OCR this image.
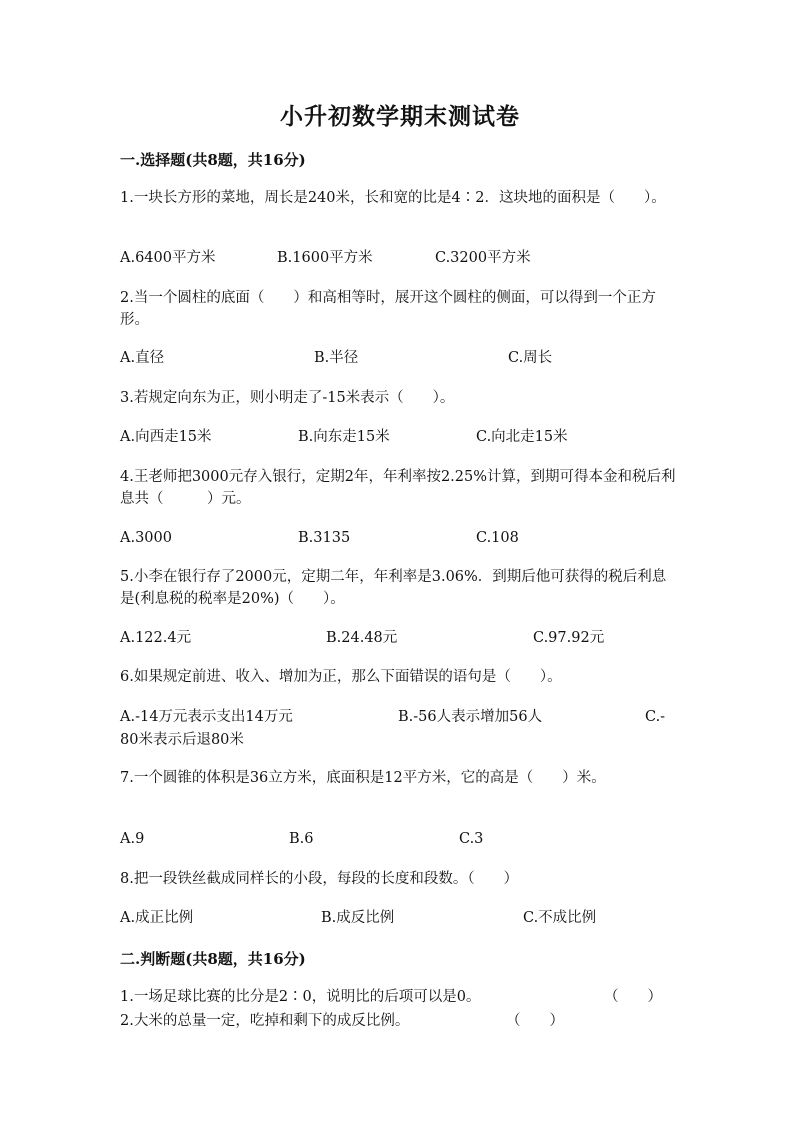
小升初数学期末测试卷
一.选择题(共8题，共16分)
1.一块长方形的菜地，周长是240米，长和宽的比是4∶2．这块地的面积是（　　）。
A.6400平方米	B.1600平方米	C.3200平方米
2.当一个圆柱的底面（　　）和高相等时，展开这个圆柱的侧面，可以得到一个正方形。
A.直径	B.半径	C.周长
3.若规定向东为正，则小明走了-15米表示（　　）。
A.向西走15米	B.向东走15米	C.向北走15米
4.王老师把3000元存入银行，定期2年，年利率按2.25%计算，到期可得本金和税后利息共（　　　）元。
A.3000	B.3135	C.108
5.小李在银行存了2000元，定期二年，年利率是3.06%．到期后他可获得的税后利息是(利息税的税率是20%)（　　）。
A.122.4元	B.24.48元	C.97.92元
6.如果规定前进、收入、增加为正，那么下面错误的语句是（　　）。
A.-14万元表示支出14万元	B.-56人表示增加56人	C.-
80米表示后退80米
7.一个圆锥的体积是36立方米，底面积是12平方米，它的高是（　　）米。
A.9	B.6	C.3
8.把一段铁丝截成同样长的小段，每段的长度和段数。（　　）
A.成正比例	B.成反比例	C.不成比例
二.判断题(共8题，共16分)
1.一场足球比赛的比分是2∶0，说明比的后项可以是0。	（　　）
2.大米的总量一定，吃掉和剩下的成反比例。	（　　）
